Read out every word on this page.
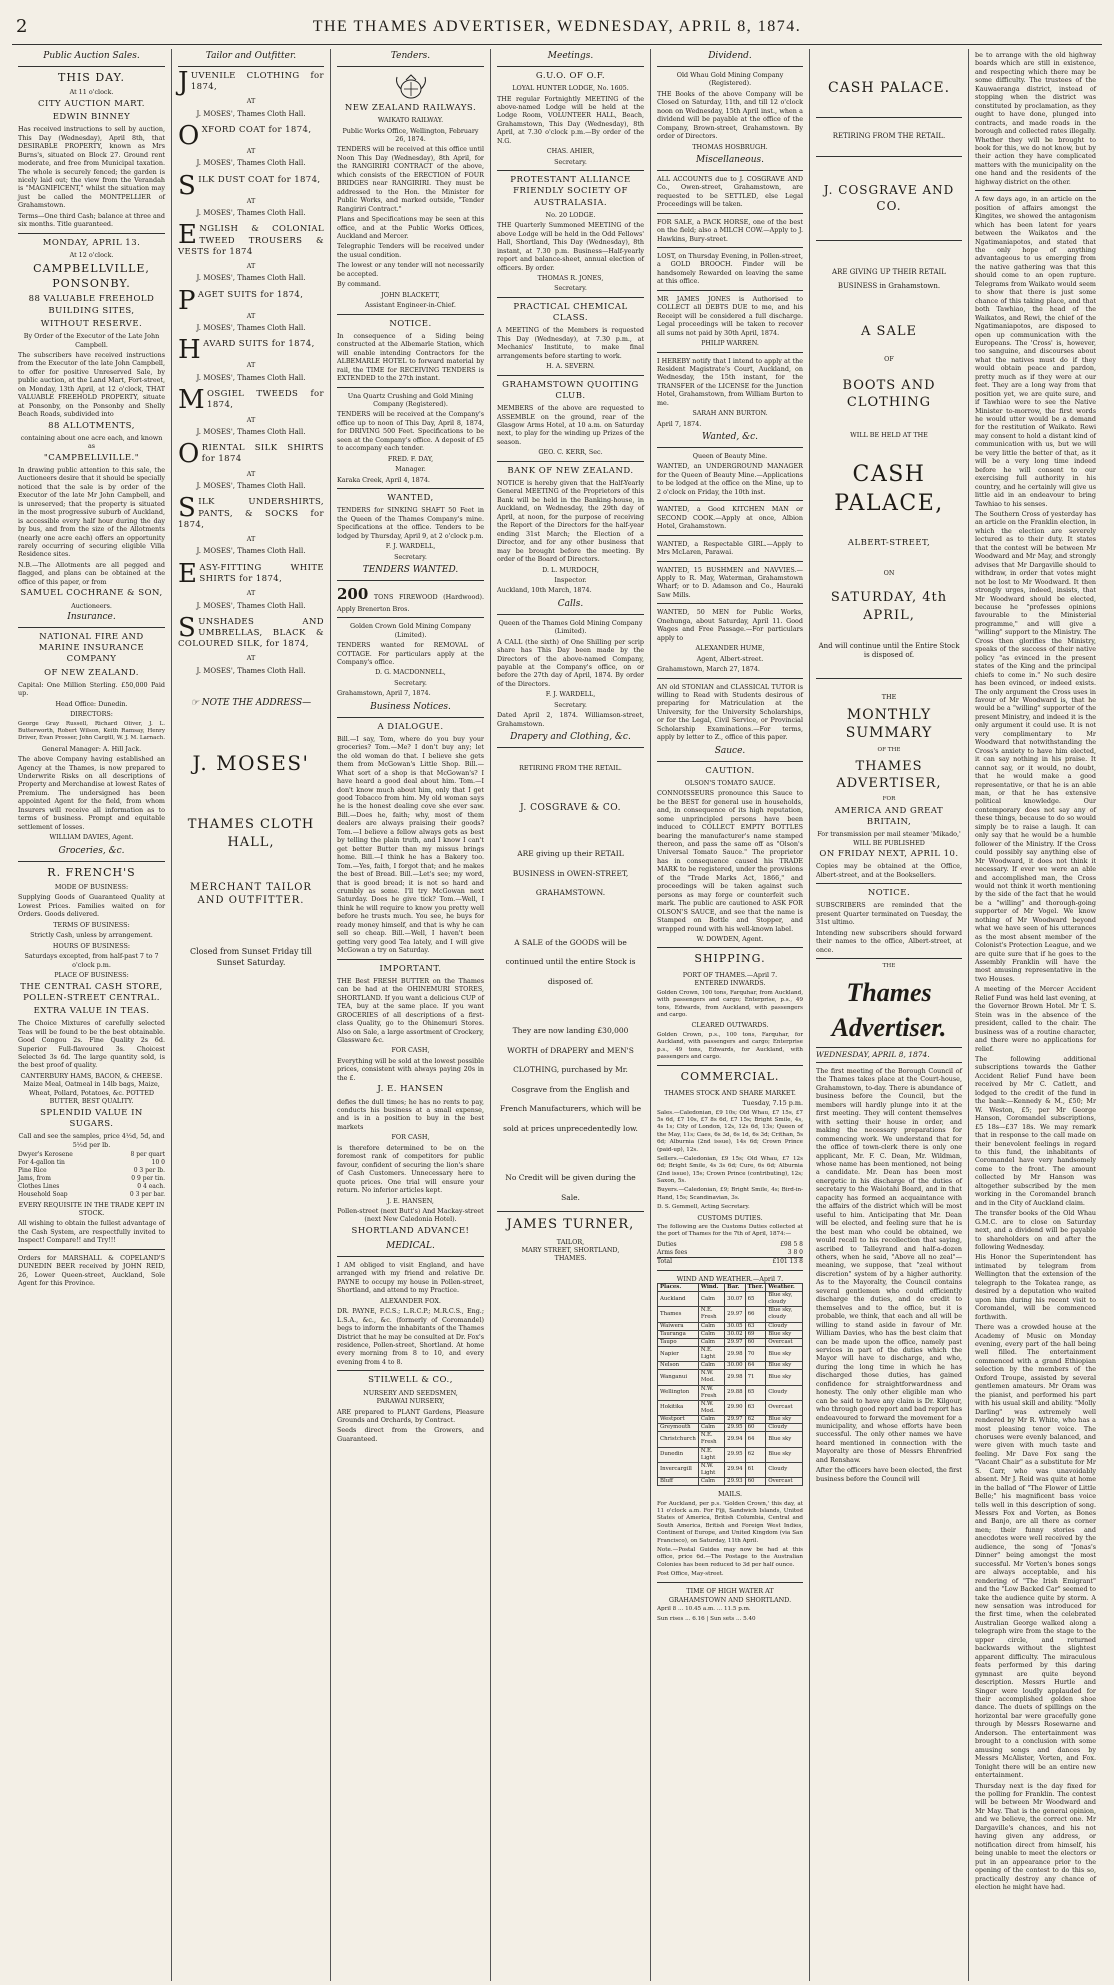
2	THE THAMES ADVERTISER, WEDNESDAY, APRIL 8, 1874.
Public Auction Sales.
THIS DAY.
At 11 o'clock.
CITY AUCTION MART.
EDWIN BINNEY

Has received instructions to sell by auction, This Day (Wednesday), April 8th, that DESIRABLE PROPERTY, known as Mrs Burns's, situated on Block 27. Ground rent moderate, and free from Municipal taxation. The whole is securely fenced; the garden is nicely laid out; the view from the Verandah is "MAGNIFICENT," whilst the situation may just be called the MONTPELLIER of Grahamstown.

Terms—One third Cash; balance at three and six months. Title guaranteed.

MONDAY, APRIL 13.
At 12 o'clock.
CAMPBELLVILLE, PONSONBY.
88 VALUABLE FREEHOLD BUILDING SITES,
WITHOUT RESERVE.
By Order of the Executor of the Late John Campbell.

The subscribers have received instructions from the Executor of the late John Campbell, to offer for positive Unreserved Sale, by public auction, at the Land Mart, Fort-street, on Monday, 13th April, at 12 o'clock, THAT VALUABLE FREEHOLD PROPERTY, situate at Ponsonby, on the Ponsonby and Shelly Beach Roads, subdivided into

88 ALLOTMENTS,

containing about one acre each, and known as

"CAMPBELLVILLE."

In drawing public attention to this sale, the Auctioneers desire that it should be specially noticed that the sale is by order of the Executor of the late Mr John Campbell, and is unreserved; that the property is situated in the most progressive suburb of Auckland, is accessible every half hour during the day by bus, and from the size of the Allotments (nearly one acre each) offers an opportunity rarely occurring of securing eligible Villa Residence sites.

N.B.—The Allotments are all pegged and flagged, and plans can be obtained at the office of this paper, or from

SAMUEL COCHRANE & SON,
Auctioneers.
Insurance.
NATIONAL FIRE AND MARINE INSURANCE COMPANY
OF NEW ZEALAND.

Capital: One Million Sterling. £50,000 Paid up.

Head Office: Dunedin.

DIRECTORS:

George Gray Russell, Richard Oliver, J. L. Butterworth, Robert Wilson, Keith Ramsay, Henry Driver, Evan Prosser, John Cargill, W. J. M. Larnach.

General Manager: A. Hill Jack.

The above Company having established an Agency at the Thames, is now prepared to Underwrite Risks on all descriptions of Property and Merchandise at lowest Rates of Premium. The undersigned has been appointed Agent for the field, from whom Insurers will receive all information as to terms of business. Prompt and equitable settlement of losses.

WILLIAM DAVIES, Agent.

Groceries, &c.
R. FRENCH'S
MODE OF BUSINESS:

Supplying Goods of Guaranteed Quality at Lowest Prices. Families waited on for Orders. Goods delivered.

TERMS OF BUSINESS:

Strictly Cash, unless by arrangement.

HOURS OF BUSINESS:

Saturdays excepted, from half-past 7 to 7 o'clock p.m.

PLACE OF BUSINESS:
THE CENTRAL CASH STORE, POLLEN-STREET CENTRAL.
EXTRA VALUE IN TEAS.

The Choice Mixtures of carefully selected Teas will be found to be the best obtainable. Good Congou 2s. Fine Quality 2s 6d. Superior Full-flavoured 3s. Choicest Selected 3s 6d. The large quantity sold, is the best proof of quality.

CANTERBURY HAMS, BACON, & CHEESE. Maize Meal, Oatmeal in 14lb bags, Maize, Wheat, Pollard, Potatoes, &c. POTTED BUTTER, BEST QUALITY.

SPLENDID VALUE IN SUGARS.

Call and see the samples, price 4½d, 5d, and 5½d per lb.

Dwyer's Kerosene	8 per quart
For 4-gallon tin	10 0
Pine Rice	0 3 per lb.
Jams, from	0 9 per tin.
Clothes Lines	0 4 each.
Household Soap	0 3 per bar.

EVERY REQUISITE IN THE TRADE KEPT IN STOCK.

All wishing to obtain the fullest advantage of the Cash System, are respectfully invited to Inspect! Compare!! and Try!!!

Orders for MARSHALL & COPELAND'S DUNEDIN BEER received by JOHN REID, 26, Lower Queen-street, Auckland, Sole Agent for this Province.

Tailor and Outfitter.
JUVENILE CLOTHING for 1874,
AT
J. MOSES', Thames Cloth Hall.
OXFORD COAT for 1874,
AT
J. MOSES', Thames Cloth Hall.
SILK DUST COAT for 1874,
AT
J. MOSES', Thames Cloth Hall.
ENGLISH & COLONIAL TWEED TROUSERS & VESTS for 1874
AT
J. MOSES', Thames Cloth Hall.
PAGET SUITS for 1874,
AT
J. MOSES', Thames Cloth Hall.
HAVARD SUITS for 1874,
AT
J. MOSES', Thames Cloth Hall.
MOSGIEL TWEEDS for 1874,
AT
J. MOSES', Thames Cloth Hall.
ORIENTAL SILK SHIRTS for 1874
AT
J. MOSES', Thames Cloth Hall.
SILK UNDERSHIRTS, PANTS, & SOCKS for 1874,
AT
J. MOSES', Thames Cloth Hall.
EASY-FITTING WHITE SHIRTS for 1874,
AT
J. MOSES', Thames Cloth Hall.
SUNSHADES AND UMBRELLAS, BLACK & COLOURED SILK, for 1874,
AT
J. MOSES', Thames Cloth Hall.
☞ NOTE THE ADDRESS—
J. MOSES'
THAMES CLOTH HALL,
MERCHANT TAILOR AND OUTFITTER.

Closed from Sunset Friday till Sunset Saturday.

Tenders.
NEW ZEALAND RAILWAYS.
WAIKATO RAILWAY.

Public Works Office, Wellington, February 26, 1874.

TENDERS will be received at this office until Noon This Day (Wednesday), 8th April, for the RANGIRIRI CONTRACT of the above, which consists of the ERECTION of FOUR BRIDGES near RANGIRIRI. They must be addressed to the Hon. the Minister for Public Works, and marked outside, "Tender Rangiriri Contract."

Plans and Specifications may be seen at this office, and at the Public Works Offices, Auckland and Mercer.

Telegraphic Tenders will be received under the usual condition.

The lowest or any tender will not necessarily be accepted.

By command.

JOHN BLACKETT,

Assistant Engineer-in-Chief.

NOTICE.

In consequence of a Siding being constructed at the Albemarle Station, which will enable intending Contractors for the ALBEMARLE HOTEL to forward material by rail, the TIME for RECEIVING TENDERS is EXTENDED to the 27th instant.

Una Quartz Crushing and Gold Mining Company (Registered).

TENDERS will be received at the Company's office up to noon of This Day, April 8, 1874, for DRIVING 500 Feet. Specifications to be seen at the Company's office. A deposit of £5 to accompany each tender.

FRED. F. DAY,

Manager.

Karaka Creek, April 4, 1874.

WANTED,

TENDERS for SINKING SHAFT 50 Feet in the Queen of the Thames Company's mine. Specifications at the office. Tenders to be lodged by Thursday, April 9, at 2 o'clock p.m.

F. J. WARDELL,

Secretary.

TENDERS WANTED.

200 TONS FIREWOOD (Hardwood). Apply Brenerton Bros.

Golden Crown Gold Mining Company (Limited).

TENDERS wanted for REMOVAL of COTTAGE. For particulars apply at the Company's office.

D. G. MACDONNELL,

Secretary.

Grahamstown, April 7, 1874.

Business Notices.
A DIALOGUE.

Bill.—I say, Tom, where do you buy your groceries? Tom.—Me? I don't buy any; let the old woman do that. I believe she gets them from McGowan's Little Shop. Bill.—What sort of a shop is that McGowan's? I have heard a good deal about him. Tom.—I don't know much about him, only that I get good Tobacco from him. My old woman says he is the honest dealing cove she ever saw. Bill.—Does he, faith; why, most of them dealers are always praising their goods? Tom.—I believe a fellow always gets as best by telling the plain truth, and I know I can't get better Butter than my missus brings home. Bill.—I think he has a Bakery too. Tom.—Yes, faith, I forgot that; and he makes the best of Bread. Bill.—Let's see; my word, that is good bread; it is not so hard and crumbly as some. I'll try McGowan next Saturday. Does he give tick? Tom.—Well, I think he will require to know you pretty well before he trusts much. You see, he buys for ready money himself, and that is why he can sell so cheap. Bill.—Well, I haven't been getting very good Tea lately, and I will give McGowan a try on Saturday.

IMPORTANT.

THE Best FRESH BUTTER on the Thames can be had at the OHINEMURI STORES, SHORTLAND. If you want a delicious CUP of TEA, buy at the same place. If you want GROCERIES of all descriptions of a first-class Quality, go to the Ohinemuri Stores. Also on Sale, a large assortment of Crockery, Glassware &c.

FOR CASH,

Everything will be sold at the lowest possible prices, consistent with always paying 20s in the £.

J. E. HANSEN

defies the dull times; he has no rents to pay, conducts his business at a small expense, and is in a position to buy in the best markets

FOR CASH,

is therefore determined to be on the foremost rank of competitors for public favour, confident of securing the lion's share of Cash Customers. Unnecessary here to quote prices. One trial will ensure your return. No inferior articles kept.

J. E. HANSEN,

Pollen-street (next Butt's) And Mackay-street (next New Caledonia Hotel).

SHORTLAND ADVANCE!
MEDICAL.

I AM obliged to visit England, and have arranged with my friend and relative Dr. PAYNE to occupy my house in Pollen-street, Shortland, and attend to my Practice.

ALEXANDER FOX.

DR. PAYNE, F.C.S.; L.R.C.P.; M.R.C.S., Eng.; L.S.A., &c., &c. (formerly of Coromandel) begs to inform the inhabitants of the Thames District that he may be consulted at Dr. Fox's residence, Pollen-street, Shortland. At home every morning from 8 to 10, and every evening from 4 to 8.

STILWELL & CO.,
NURSERY AND SEEDSMEN,
PARAWAI NURSERY,

ARE prepared to PLANT Gardens, Pleasure Grounds and Orchards, by Contract.

Seeds direct from the Growers, and Guaranteed.

Meetings.
G.U.O. OF O.F.
LOYAL HUNTER LODGE, No. 1605.

THE regular Fortnightly MEETING of the above-named Lodge will be held at the Lodge Room, VOLUNTEER HALL, Beach, Grahamstown, This Day (Wednesday), 8th April, at 7.30 o'clock p.m.—By order of the N.G.

CHAS. AHIER,

Secretary.

PROTESTANT ALLIANCE FRIENDLY SOCIETY OF AUSTRALASIA.
No. 20 LODGE.

THE Quarterly Summoned MEETING of the above Lodge will be held in the Odd Fellows' Hall, Shortland, This Day (Wednesday), 8th instant, at 7.30 p.m. Business—Half-yearly report and balance-sheet, annual election of officers. By order.

THOMAS R. JONES,

Secretary.

PRACTICAL CHEMICAL CLASS.

A MEETING of the Members is requested This Day (Wednesday), at 7.30 p.m., at Mechanics' Institute, to make final arrangements before starting to work.

H. A. SEVERN.

GRAHAMSTOWN QUOITING CLUB.

MEMBERS of the above are requested to ASSEMBLE on the ground, rear of the Glasgow Arms Hotel, at 10 a.m. on Saturday next, to play for the winding up Prizes of the season.

GEO. C. KERR, Sec.

BANK OF NEW ZEALAND.

NOTICE is hereby given that the Half-Yearly General MEETING of the Proprietors of this Bank will be held in the Banking-house, in Auckland, on Wednesday, the 29th day of April, at noon, for the purpose of receiving the Report of the Directors for the half-year ending 31st March; the Election of a Director, and for any other business that may be brought before the meeting. By order of the Board of Directors.

D. L. MURDOCH,

Inspector.

Auckland, 10th March, 1874.

Calls.

Queen of the Thames Gold Mining Company (Limited).

A CALL (the sixth) of One Shilling per scrip share has This Day been made by the Directors of the above-named Company, payable at the Company's office, on or before the 27th day of April, 1874. By order of the Directors.

F. J. WARDELL,

Secretary.

Dated April 2, 1874. Williamson-street, Grahamstown.

Drapery and Clothing, &c.
RETIRING FROM THE RETAIL.
J. COSGRAVE & CO.

ARE giving up their RETAIL BUSINESS in OWEN-STREET, GRAHAMSTOWN.

A SALE of the GOODS will be continued until the entire Stock is disposed of.

They are now landing £30,000 WORTH of DRAPERY and MEN'S CLOTHING, purchased by Mr. Cosgrave from the English and French Manufacturers, which will be sold at prices unprecedentedly low.

No Credit will be given during the Sale.

JAMES TURNER,
TAILOR,
MARY STREET, SHORTLAND,
THAMES.
Dividend.

Old Whau Gold Mining Company (Registered).

THE Books of the above Company will be Closed on Saturday, 11th, and till 12 o'clock noon on Wednesday, 15th April inst., when a dividend will be payable at the office of the Company, Brown-street, Grahamstown. By order of Directors.

THOMAS HOSBRUGH.

Miscellaneous.

ALL ACCOUNTS due to J. COSGRAVE AND Co., Owen-street, Grahamstown, are requested to be SETTLED, else Legal Proceedings will be taken.

FOR SALE, a PACK HORSE, one of the best on the field; also a MILCH COW.—Apply to J. Hawkins, Bury-street.

LOST, on Thursday Evening, in Pollen-street, a GOLD BROOCH. Finder will be handsomely Rewarded on leaving the same at this office.

MR JAMES JONES is Authorised to COLLECT all DEBTS DUE to me, and his Receipt will be considered a full discharge. Legal proceedings will be taken to recover all sums not paid by 30th April, 1874.

PHILIP WARREN.

I HEREBY notify that I intend to apply at the Resident Magistrate's Court, Auckland, on Wednesday, the 15th instant, for the TRANSFER of the LICENSE for the Junction Hotel, Grahamstown, from William Burton to me.

SARAH ANN BURTON.

April 7, 1874.

Wanted, &c.

Queen of Beauty Mine.

WANTED, an UNDERGROUND MANAGER for the Queen of Beauty Mine.—Applications to be lodged at the office on the Mine, up to 2 o'clock on Friday, the 10th inst.

WANTED, a Good KITCHEN MAN or SECOND COOK.—Apply at once, Albion Hotel, Grahamstown.

WANTED, a Respectable GIRL.—Apply to Mrs McLaren, Parawai.

WANTED, 15 BUSHMEN and NAVVIES.—Apply to R. May, Waterman, Grahamstown Wharf; or to D. Adamson and Co., Hauraki Saw Mills.

WANTED, 50 MEN for Public Works, Onehunga, about Saturday, April 11. Good Wages and Free Passage.—For particulars apply to

ALEXANDER HUME,

Agent, Albert-street.

Grahamstown, March 27, 1874.

AN old STONIAN and CLASSICAL TUTOR is willing to Read with Students desirous of preparing for Matriculation at the University, for the University Scholarships, or for the Legal, Civil Service, or Provincial Scholarship Examinations.—For terms, apply by letter to Z., office of this paper.

Sauce.
CAUTION.
OLSON'S TOMATO SAUCE.

CONNOISSEURS pronounce this Sauce to be the BEST for general use in households, and, in consequence of its high reputation, some unprincipled persons have been induced to COLLECT EMPTY BOTTLES bearing the manufacturer's name stamped thereon, and pass the same off as "Olson's Universal Tomato Sauce." The proprietor has in consequence caused his TRADE MARK to be registered, under the provisions of the "Trade Marks Act, 1866," and proceedings will be taken against such persons as may forge or counterfeit such mark. The public are cautioned to ASK FOR OLSON'S SAUCE, and see that the name is Stamped on Bottle and Stopper, and wrapped round with his well-known label.

W. DOWDEN, Agent.

SHIPPING.
PORT OF THAMES.—April 7.
ENTERED INWARDS.

Golden Crown, 100 tons, Farquhar, from Auckland, with passengers and cargo; Enterprise, p.s., 49 tons, Edwards, from Auckland, with passengers and cargo.

CLEARED OUTWARDS.

Golden Crown, p.s., 100 tons, Farquhar, for Auckland, with passengers and cargo; Enterprise p.s., 49 tons, Edwards, for Auckland, with passengers and cargo.

COMMERCIAL.
THAMES STOCK AND SHARE MARKET.

Tuesday, 7.15 p.m.

Sales.—Caledonian, £9 10s; Old Whau, £7 15s, £7 5s 6d, £7 10s, £7 8s 6d, £7 15s; Bright Smile, 4s, 4s 1s; City of London, 12s, 12s 6d, 13s; Queen of the May, 11s; Caes, 6s 3d, 6s 1d, 6s 3d; Crithan, 5s 6d; Alburnia (2nd issue), 14s 6d; Crown Prince (paid-up), 12s.

Sellers.—Caledonian, £9 15s; Old Whau, £7 12s 6d; Bright Smile, 4s 3s 6d; Cure, 6s 6d; Alburnia (2nd issue), 15s; Crown Prince (contributing), 12s; Saxon, 5s.

Buyers.—Caledonian, £9; Bright Smile, 4s; Bird-in-Hand, 15s; Scandinavian, 3s.

D. S. Gemmell, Acting Secretary.

CUSTOMS DUTIES.

The following are the Customs Duties collected at the port of Thames for the 7th of April, 1874:—

Duties	£98 5 8
Arms fees	3 8 0
Total	£101 13 8
WIND AND WEATHER.—April 7.
Places.	Wind.	Bar.	Ther.	Weather.
Auckland	Calm	30.07	65	Blue sky, cloudy
Thames	N.E. Fresh	29.97	66	Blue sky, cloudy
Waiwera	Calm	30.05	63	Cloudy
Tauranga	Calm	30.02	69	Blue sky
Taupo	Calm	29.97	60	Overcast
Napier	N.E. Light	29.98	70	Blue sky
Nelson	Calm	30.00	64	Blue sky
Wanganui	N.W. Mod.	29.98	71	Blue sky
Wellington	N.W. Fresh	29.88	65	Cloudy
Hokitika	N.W. Mod.	29.90	63	Overcast
Westport	Calm	29.97	62	Blue sky
Greymouth	Calm	29.95	60	Cloudy
Christchurch	N.E. Fresh	29.94	64	Blue sky
Dunedin	N.E. Light	29.95	62	Blue sky
Invercargill	N.W. Light	29.94	61	Cloudy
Bluff	Calm	29.93	60	Overcast
MAILS.

For Auckland, per p.s. 'Golden Crown,' this day, at 11 o'clock a.m. For Fiji, Sandwich Islands, United States of America, British Columbia, Central and South America, British and Foreign West Indies, Continent of Europe, and United Kingdom (via San Francisco), on Saturday, 11th April.

Note.—Postal Guides may now be had at this office, price 6d.—The Postage to the Australian Colonies has been reduced to 3d per half ounce.

Post Office, May-street.

TIME OF HIGH WATER AT GRAHAMSTOWN AND SHORTLAND.

April 8 ... 10.45 a.m. ... 11.5 p.m.

Sun rises ... 6.16 | Sun sets ... 5.40

CASH PALACE.
RETIRING FROM THE RETAIL.
J. COSGRAVE AND CO.

ARE GIVING UP THEIR RETAIL BUSINESS in Grahamstown.

A SALE
OF
BOOTS AND CLOTHING
WILL BE HELD AT THE
CASH PALACE,
ALBERT-STREET,
ON
SATURDAY, 4th APRIL,

And will continue until the Entire Stock is disposed of.

THE
MONTHLY SUMMARY
OF THE
THAMES ADVERTISER,
FOR
AMERICA AND GREAT BRITAIN,

For transmission per mail steamer 'Mikado,' WILL BE PUBLISHED

ON FRIDAY NEXT, APRIL 10.

Copies may be obtained at the Office, Albert-street, and at the Booksellers.

NOTICE.

SUBSCRIBERS are reminded that the present Quarter terminated on Tuesday, the 31st ultimo.

Intending new subscribers should forward their names to the office, Albert-street, at once.

THE
Thames Advertiser.
WEDNESDAY, APRIL 8, 1874.

The first meeting of the Borough Council of the Thames takes place at the Court-house, Grahamstown, to-day. There is abundance of business before the Council, but the members will hardly plunge into it at the first meeting. They will content themselves with setting their house in order, and making the necessary preparations for commencing work. We understand that for the office of town-clerk there is only one applicant, Mr. F. C. Dean, Mr. Wildman, whose name has been mentioned, not being a candidate. Mr. Dean has been most energetic in his discharge of the duties of secretary to the Waiotahi Board, and in that capacity has formed an acquaintance with the affairs of the district which will be most useful to him. Anticipating that Mr. Dean will be elected, and feeling sure that he is the best man who could be obtained, we would recall to his recollection that saying, ascribed to Talleyrand and half-a-dozen others, when he said, "Above all no zeal"—meaning, we suppose, that "zeal without discretion" system of by a higher authority. As to the Mayoralty, the Council contains several gentlemen who could efficiently discharge the duties, and do credit to themselves and to the office, but it is probable, we think, that each and all will be willing to stand aside in favour of Mr. William Davies, who has the best claim that can be made upon the office, namely past services in part of the duties which the Mayor will have to discharge, and who, during the long time in which he has discharged those duties, has gained confidence for straightforwardness and honesty. The only other eligible man who can be said to have any claim is Dr. Kilgour, who through good report and bad report has endeavoured to forward the movement for a municipality, and whose efforts have been successful. The only other names we have heard mentioned in connection with the Mayoralty are those of Messrs Ehrenfried and Renshaw.

After the officers have been elected, the first business before the Council will

be to arrange with the old highway boards which are still in existence, and respecting which there may be some difficulty. The trustees of the Kauwaeranga district, instead of stopping when the district was constituted by proclamation, as they ought to have done, plunged into contracts, and made roads in the borough and collected rates illegally. Whether they will be brought to book for this, we do not know, but by their action they have complicated matters with the municipality on the one hand and the residents of the highway district on the other.

A few days ago, in an article on the position of affairs amongst the Kingites, we showed the antagonism which has been latent for years between the Waikatos and the Ngatimaniapotos, and stated that the only hope of anything advantageous to us emerging from the native gathering was that this should come to an open rupture. Telegrams from Waikato would seem to show that there is just some chance of this taking place, and that both Tawhiao, the head of the Waikatos, and Rewi, the chief of the Ngatimaniapotos, are disposed to open up communication with the Europeans. The 'Cross' is, however, too sanguine, and discourses about what the natives must do if they would obtain peace and pardon, pretty much as if they were at our feet. They are a long way from that position yet, we are quite sure, and if Tawhiao were to see the Native Minister to-morrow, the first words he would utter would be a demand for the restitution of Waikato. Rewi may consent to hold a distant kind of communication with us, but we will be very little the better of that, as it will be a very long time indeed before he will consent to our exercising full authority in his country, and he certainly will give us little aid in an endeavour to bring Tawhiao to his senses.

The Southern Cross of yesterday has an article on the Franklin election, in which the election are severely lectured as to their duty. It states that the contest will be between Mr Woodward and Mr May, and strongly advises that Mr Dargaville should to withdraw, in order that votes might not be lost to Mr Woodward. It then strongly urges, indeed, insists, that Mr Woodward should be elected, because he "professes opinions favourable to the Ministerial programme," and will give a "willing" support to the Ministry. The Cross then glorifies the Ministry, speaks of the success of their native policy "as evinced in the present states of the King and the principal chiefs to come in." No such desire has been evinced, or indeed exists. The only argument the Cross uses in favour of Mr Woodward is, that he would be a "willing" supporter of the present Ministry, and indeed it is the only argument it could use. It is not very complimentary to Mr Woodward that notwithstanding the Cross's anxiety to have him elected, it can say nothing in his praise. It cannot say, or it would, no doubt, that he would make a good representative, or that he is an able man, or that he has extensive political knowledge. Our contemporary does not say any of these things, because to do so would simply be to raise a laugh. It can only say that he would be a humble follower of the Ministry. If the Cross could possibly say anything else of Mr Woodward, it does not think it necessary. If ever we were an able and accomplished man, the Cross would not think it worth mentioning by the side of the fact that he would be a "willing" and thorough-going supporter of Mr Vogel. We know nothing of Mr Woodward beyond what we have seen of his utterances as the most absent member of the Colonist's Protection League, and we are quite sure that if he goes to the Assembly Franklin will have the most amusing representative in the two Houses.

A meeting of the Mercer Accident Relief Fund was held last evening, at the Governor Brown Hotel. Mr T. S. Stein was in the absence of the president, called to the chair. The business was of a routine character, and there were no applications for relief.

The following additional subscriptions towards the Gather Accident Relief Fund have been received by Mr C. Catlett, and lodged to the credit of the fund in the bank:—Kennedy & M., £50; Mr W. Weston, £5; per Mr George Hanson, Coromandel subscriptions, £5 18s—£37 18s. We may remark that in response to the call made on their benevolent feelings in regard to this fund, the inhabitants of Coromandel have very handsomely come to the front. The amount collected by Mr Hanson was altogether subscribed by the men working in the Coromandel branch and in the City of Auckland claim.

The transfer books of the Old Whau G.M.C. are to close on Saturday next, and a dividend will be payable to shareholders on and after the following Wednesday.

His Honor the Superintendent has intimated by telegram from Wellington that the extension of the telegraph to the Tokatea range, as desired by a deputation who waited upon him during his recent visit to Coromandel, will be commenced forthwith.

There was a crowded house at the Academy of Music on Monday evening, every part of the hall being well filled. The entertainment commenced with a grand Ethiopian selection by the members of the Oxford Troupe, assisted by several gentlemen amateurs. Mr Oram was the pianist, and performed his part with his usual skill and ability. "Molly Darling" was extremely well rendered by Mr R. White, who has a most pleasing tenor voice. The choruses were evenly balanced, and were given with much taste and feeling. Mr Dave Fox sang the "Vacant Chair" as a substitute for Mr S. Carr, who was unavoidably absent. Mr J. Reid was quite at home in the ballad of "The Flower of Little Belle;" his magnificent bass voice tells well in this description of song. Messrs Fox and Vorten, as Bones and Banjo, are all there as corner men; their funny stories and anecdotes were well received by the audience, the song of "Jonas's Dinner" being amongst the most successful. Mr Vorten's bones songs are always acceptable, and his rendering of "The Irish Emigrant" and the "Low Backed Car" seemed to take the audience quite by storm. A new sensation was introduced for the first time, when the celebrated Australian George walked along a telegraph wire from the stage to the upper circle, and returned backwards without the slightest apparent difficulty. The miraculous feats performed by this daring gymnast are quite beyond description. Messrs Hurtle and Singer were loudly applauded for their accomplished golden shoe dance. The duets of spillings on the horizontal bar were gracefully gone through by Messrs Rosewarne and Anderson. The entertainment was brought to a conclusion with some amusing songs and dances by Messrs McAlister, Vorten, and Fox. Tonight there will be an entire new entertainment.

Thursday next is the day fixed for the polling for Franklin. The contest will be between Mr Woodward and Mr May. That is the general opinion, and we believe, the correct one. Mr Dargaville's chances, and his not having given any address, or notification direct from himself, his being unable to meet the electors or put in an appearance prior to the opening of the contest to do this so, practically destroy any chance of election he might have had.
